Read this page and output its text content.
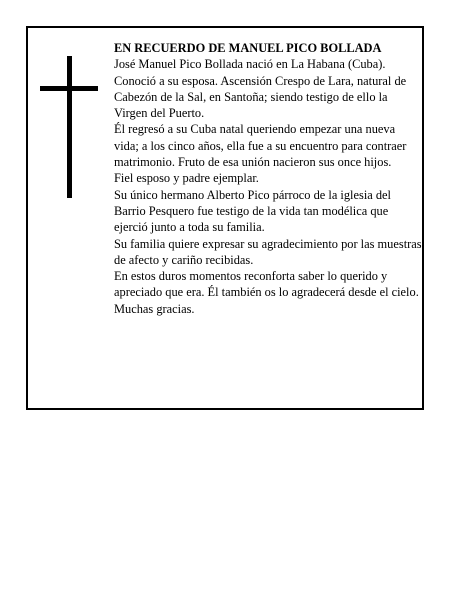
EN RECUERDO DE MANUEL PICO BOLLADA

José Manuel Pico Bollada nació en La Habana (Cuba). Conoció a su esposa. Ascensión Crespo de Lara, natural de Cabezón de la Sal, en Santoña; siendo testigo de ello la Virgen del Puerto.

Él regresó a su Cuba natal queriendo empezar una nueva vida; a los cinco años, ella fue a su encuentro para contraer matrimonio. Fruto de esa unión nacieron sus once hijos.

Fiel esposo y padre ejemplar.

Su único hermano Alberto Pico párroco de la iglesia del Barrio Pesquero fue testigo de la vida tan modélica que ejerció junto a toda su familia.

Su familia quiere expresar su agradecimiento por las muestras de afecto y cariño recibidas.

En estos duros momentos reconforta saber lo querido y apreciado que era. Él también os lo agradecerá desde el cielo.

Muchas gracias.
